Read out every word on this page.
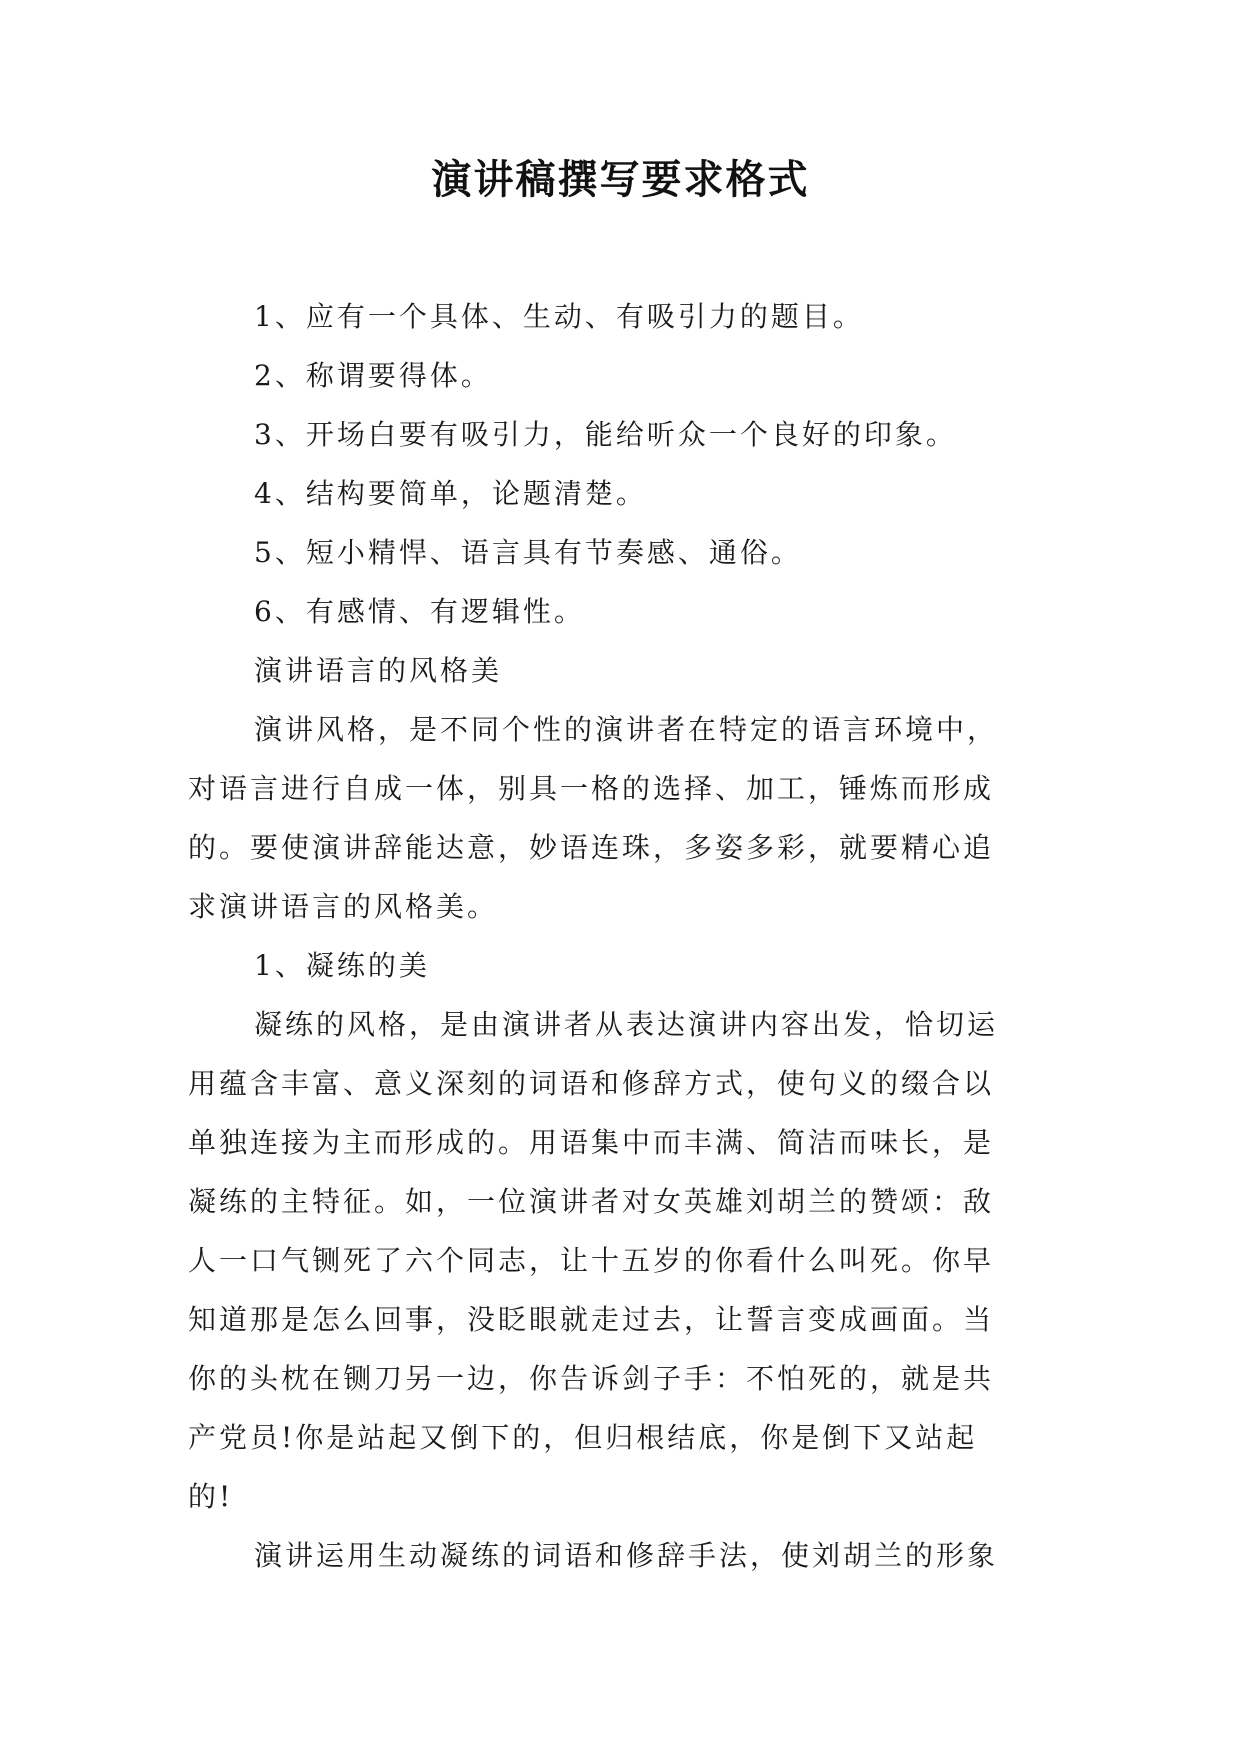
演讲稿撰写要求格式
1、应有一个具体、生动、有吸引力的题目。
2、称谓要得体。
3、开场白要有吸引力，能给听众一个良好的印象。
4、结构要简单，论题清楚。
5、短小精悍、语言具有节奏感、通俗。
6、有感情、有逻辑性。
演讲语言的风格美
演讲风格，是不同个性的演讲者在特定的语言环境中，
对语言进行自成一体，别具一格的选择、加工，锤炼而形成
的。要使演讲辞能达意，妙语连珠，多姿多彩，就要精心追
求演讲语言的风格美。
1、凝练的美
凝练的风格，是由演讲者从表达演讲内容出发，恰切运
用蕴含丰富、意义深刻的词语和修辞方式，使句义的缀合以
单独连接为主而形成的。用语集中而丰满、简洁而味长，是
凝练的主特征。如，一位演讲者对女英雄刘胡兰的赞颂：敌
人一口气铡死了六个同志，让十五岁的你看什么叫死。你早
知道那是怎么回事，没眨眼就走过去，让誓言变成画面。当
你的头枕在铡刀另一边，你告诉剑子手：不怕死的，就是共
产党员!你是站起又倒下的，但归根结底，你是倒下又站起
的!
演讲运用生动凝练的词语和修辞手法，使刘胡兰的形象
